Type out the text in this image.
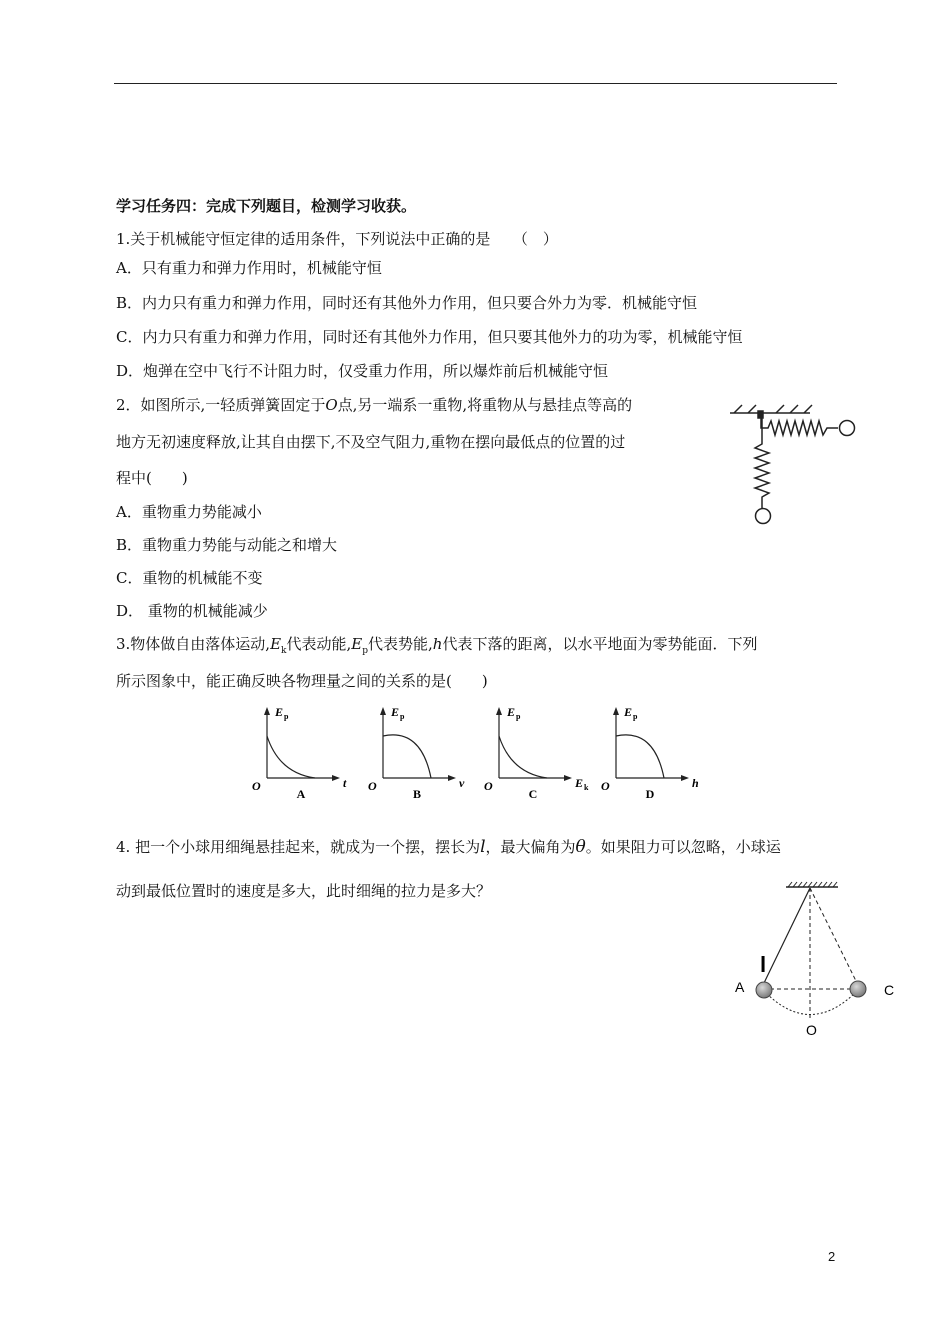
学习任务四：完成下列题目，检测学习收获。
1.关于机械能守恒定律的适用条件，下列说法中正确的是　　（　）
A．只有重力和弹力作用时，机械能守恒
B．内力只有重力和弹力作用，同时还有其他外力作用，但只要合外力为零．机械能守恒
C．内力只有重力和弹力作用，同时还有其他外力作用，但只要其他外力的功为零，机械能守恒
D．炮弹在空中飞行不计阻力时，仅受重力作用，所以爆炸前后机械能守恒
2．如图所示,一轻质弹簧固定于O点,另一端系一重物,将重物从与悬挂点等高的
地方无初速度释放,让其自由摆下,不及空气阻力,重物在摆向最低点的位置的过
程中(　　)
A．重物重力势能减小
B．重物重力势能与动能之和增大
C．重物的机械能不变
D． 重物的机械能减少
3.物体做自由落体运动$,E_k$代表动能$,E_p$代表势能,h代表下落的距离，以水平地面为零势能面．下列
所示图象中，能正确反映各物理量之间的关系的是(　　)
E p
O	t
A
E p
O	v
B
E p
O	E k
C
E p
O	h
D
4. 把一个小球用细绳悬挂起来，就成为一个摆，摆长为l，最大偏角为θ。如果阻力可以忽略，小球运
动到最低位置时的速度是多大，此时细绳的拉力是多大？
l
A	C
O
2
